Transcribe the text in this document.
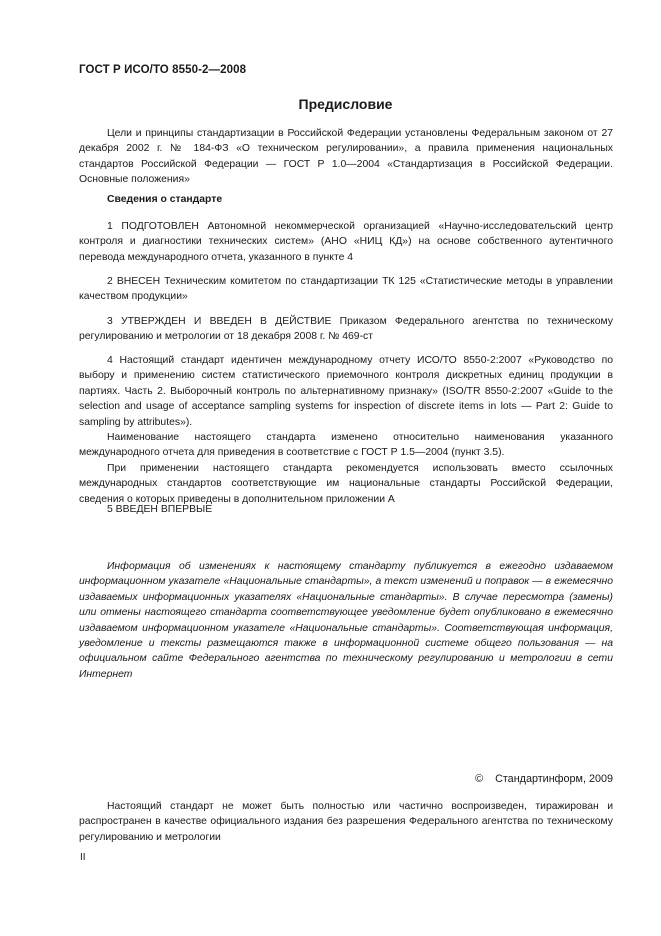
ГОСТ Р ИСО/ТО 8550-2—2008
Предисловие

Цели и принципы стандартизации в Российской Федерации установлены Федеральным законом от 27 декабря 2002 г. № 184-ФЗ «О техническом регулировании», а правила применения национальных стандартов Российской Федерации — ГОСТ Р 1.0—2004 «Стандартизация в Российской Федерации. Основные положения»

Сведения о стандарте

1 ПОДГОТОВЛЕН Автономной некоммерческой организацией «Научно-исследовательский центр контроля и диагностики технических систем» (АНО «НИЦ КД») на основе собственного аутентичного перевода международного отчета, указанного в пункте 4

2 ВНЕСЕН Техническим комитетом по стандартизации ТК 125 «Статистические методы в управлении качеством продукции»

3 УТВЕРЖДЕН И ВВЕДЕН В ДЕЙСТВИЕ Приказом Федерального агентства по техническому регулированию и метрологии от 18 декабря 2008 г. № 469-ст

4 Настоящий стандарт идентичен международному отчету ИСО/ТО 8550-2:2007 «Руководство по выбору и применению систем статистического приемочного контроля дискретных единиц продукции в партиях. Часть 2. Выборочный контроль по альтернативному признаку» (ISO/TR 8550-2:2007 «Guide to the selection and usage of acceptance sampling systems for inspection of discrete items in lots — Part 2: Guide to sampling by attributes»).

Наименование настоящего стандарта изменено относительно наименования указанного международного отчета для приведения в соответствие с ГОСТ Р 1.5—2004 (пункт 3.5).

При применении настоящего стандарта рекомендуется использовать вместо ссылочных международных стандартов соответствующие им национальные стандарты Российской Федерации, сведения о которых приведены в дополнительном приложении А

5 ВВЕДЕН ВПЕРВЫЕ

Информация об изменениях к настоящему стандарту публикуется в ежегодно издаваемом информационном указателе «Национальные стандарты», а текст изменений и поправок — в ежемесячно издаваемых информационных указателях «Национальные стандарты». В случае пересмотра (замены) или отмены настоящего стандарта соответствующее уведомление будет опубликовано в ежемесячно издаваемом информационном указателе «Национальные стандарты». Соответствующая информация, уведомление и тексты размещаются также в информационной системе общего пользования — на официальном сайте Федерального агентства по техническому регулированию и метрологии в сети Интернет

© Стандартинформ, 2009

Настоящий стандарт не может быть полностью или частично воспроизведен, тиражирован и распространен в качестве официального издания без разрешения Федерального агентства по техническому регулированию и метрологии

II
